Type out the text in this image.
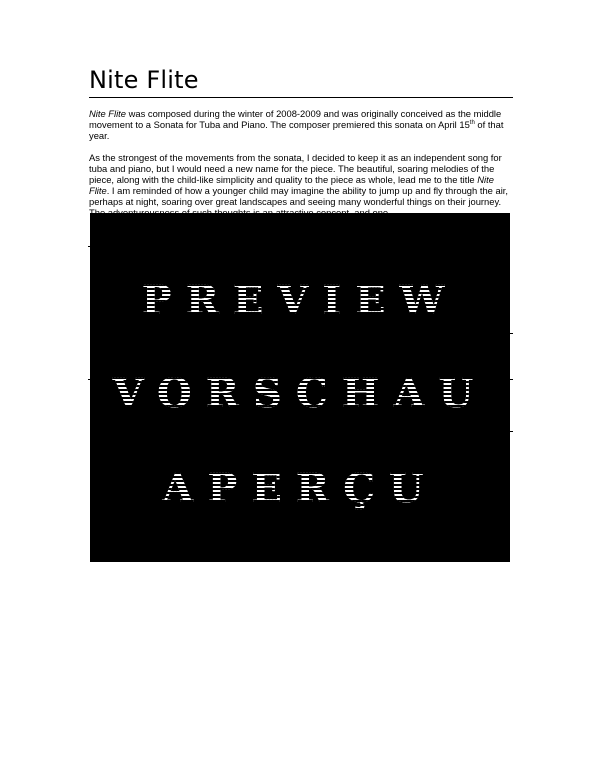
Nite Flite

Nite Flite was composed during the winter of 2008-2009 and was originally conceived as the middle movement to a Sonata for Tuba and Piano. The composer premiered this sonata on April 15th of that year.

As the strongest of the movements from the sonata, I decided to keep it as an independent song for tuba and piano, but I would need a new name for the piece. The beautiful, soaring melodies of the piece, along with the child-like simplicity and quality to the piece as whole, lead me to the title Nite Flite. I am reminded of how a younger child may imagine the ability to jump up and fly through the air, perhaps at night, soaring over great landscapes and seeing many wonderful things on their journey.

PREVIEW

VORSCHAU

APERÇU
